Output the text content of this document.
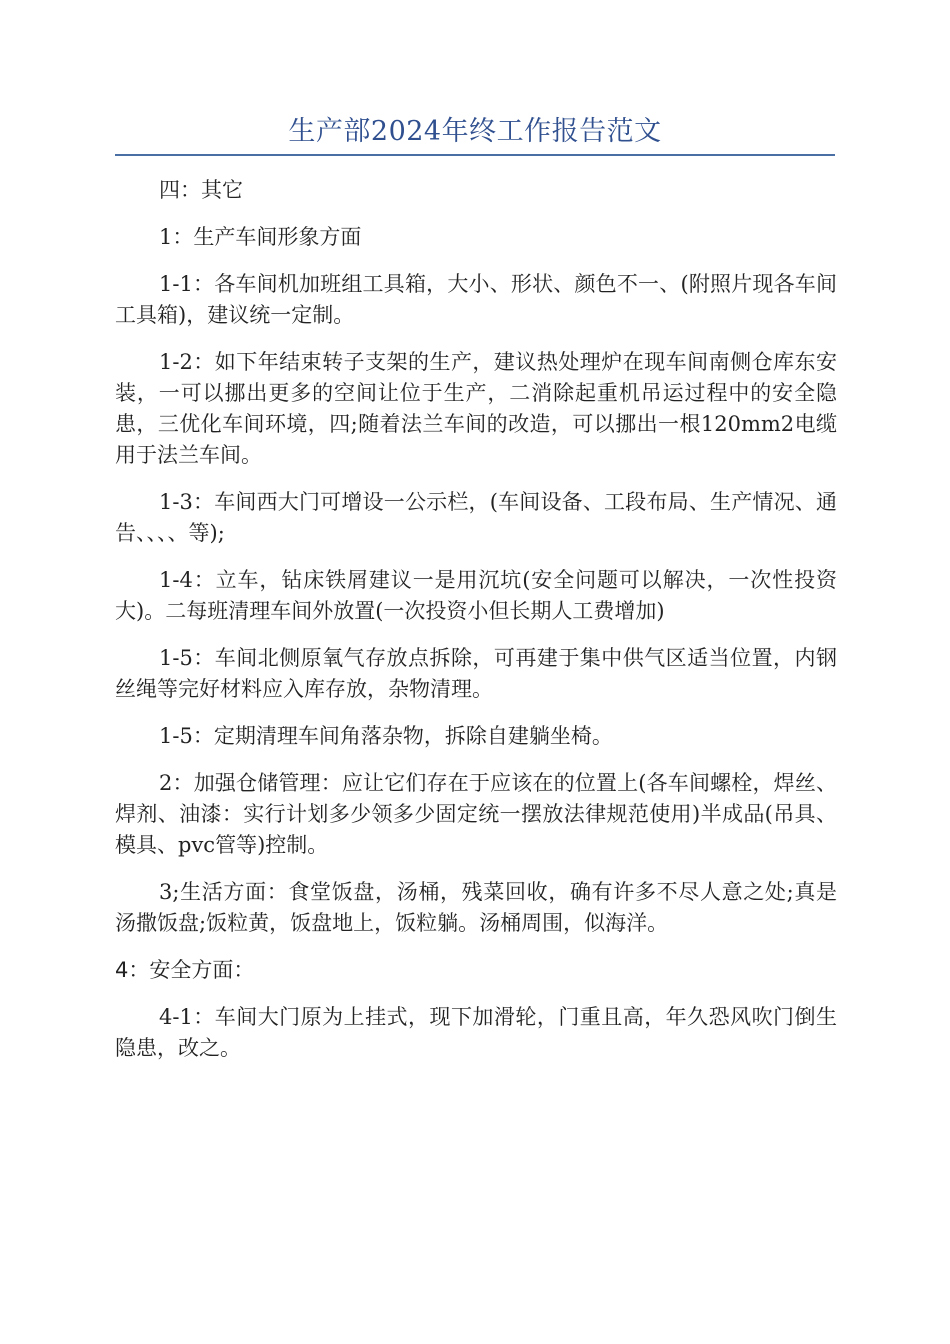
生产部2024年终工作报告范文

四：其它

1：生产车间形象方面

1-1：各车间机加班组工具箱，大小、形状、颜色不一、(附照片现各车间工具箱)，建议统一定制。

1-2：如下年结束转子支架的生产，建议热处理炉在现车间南侧仓库东安装，一可以挪出更多的空间让位于生产，二消除起重机吊运过程中的安全隐患，三优化车间环境，四;随着法兰车间的改造，可以挪出一根120mm2电缆用于法兰车间。

1-3：车间西大门可增设一公示栏，(车间设备、工段布局、生产情况、通告、、、、等);

1-4：立车，钻床铁屑建议一是用沉坑(安全问题可以解决，一次性投资大)。二每班清理车间外放置(一次投资小但长期人工费增加)

1-5：车间北侧原氧气存放点拆除，可再建于集中供气区适当位置，内钢丝绳等完好材料应入库存放，杂物清理。

1-5：定期清理车间角落杂物，拆除自建躺坐椅。

2：加强仓储管理：应让它们存在于应该在的位置上(各车间螺栓，焊丝、焊剂、油漆：实行计划多少领多少固定统一摆放法律规范使用)半成品(吊具、模具、pvc管等)控制。

3;生活方面：食堂饭盘，汤桶，残菜回收，确有许多不尽人意之处;真是汤撒饭盘;饭粒黄，饭盘地上，饭粒躺。汤桶周围，似海洋。

4：安全方面：

4-1：车间大门原为上挂式，现下加滑轮，门重且高，年久恐风吹门倒生隐患，改之。
